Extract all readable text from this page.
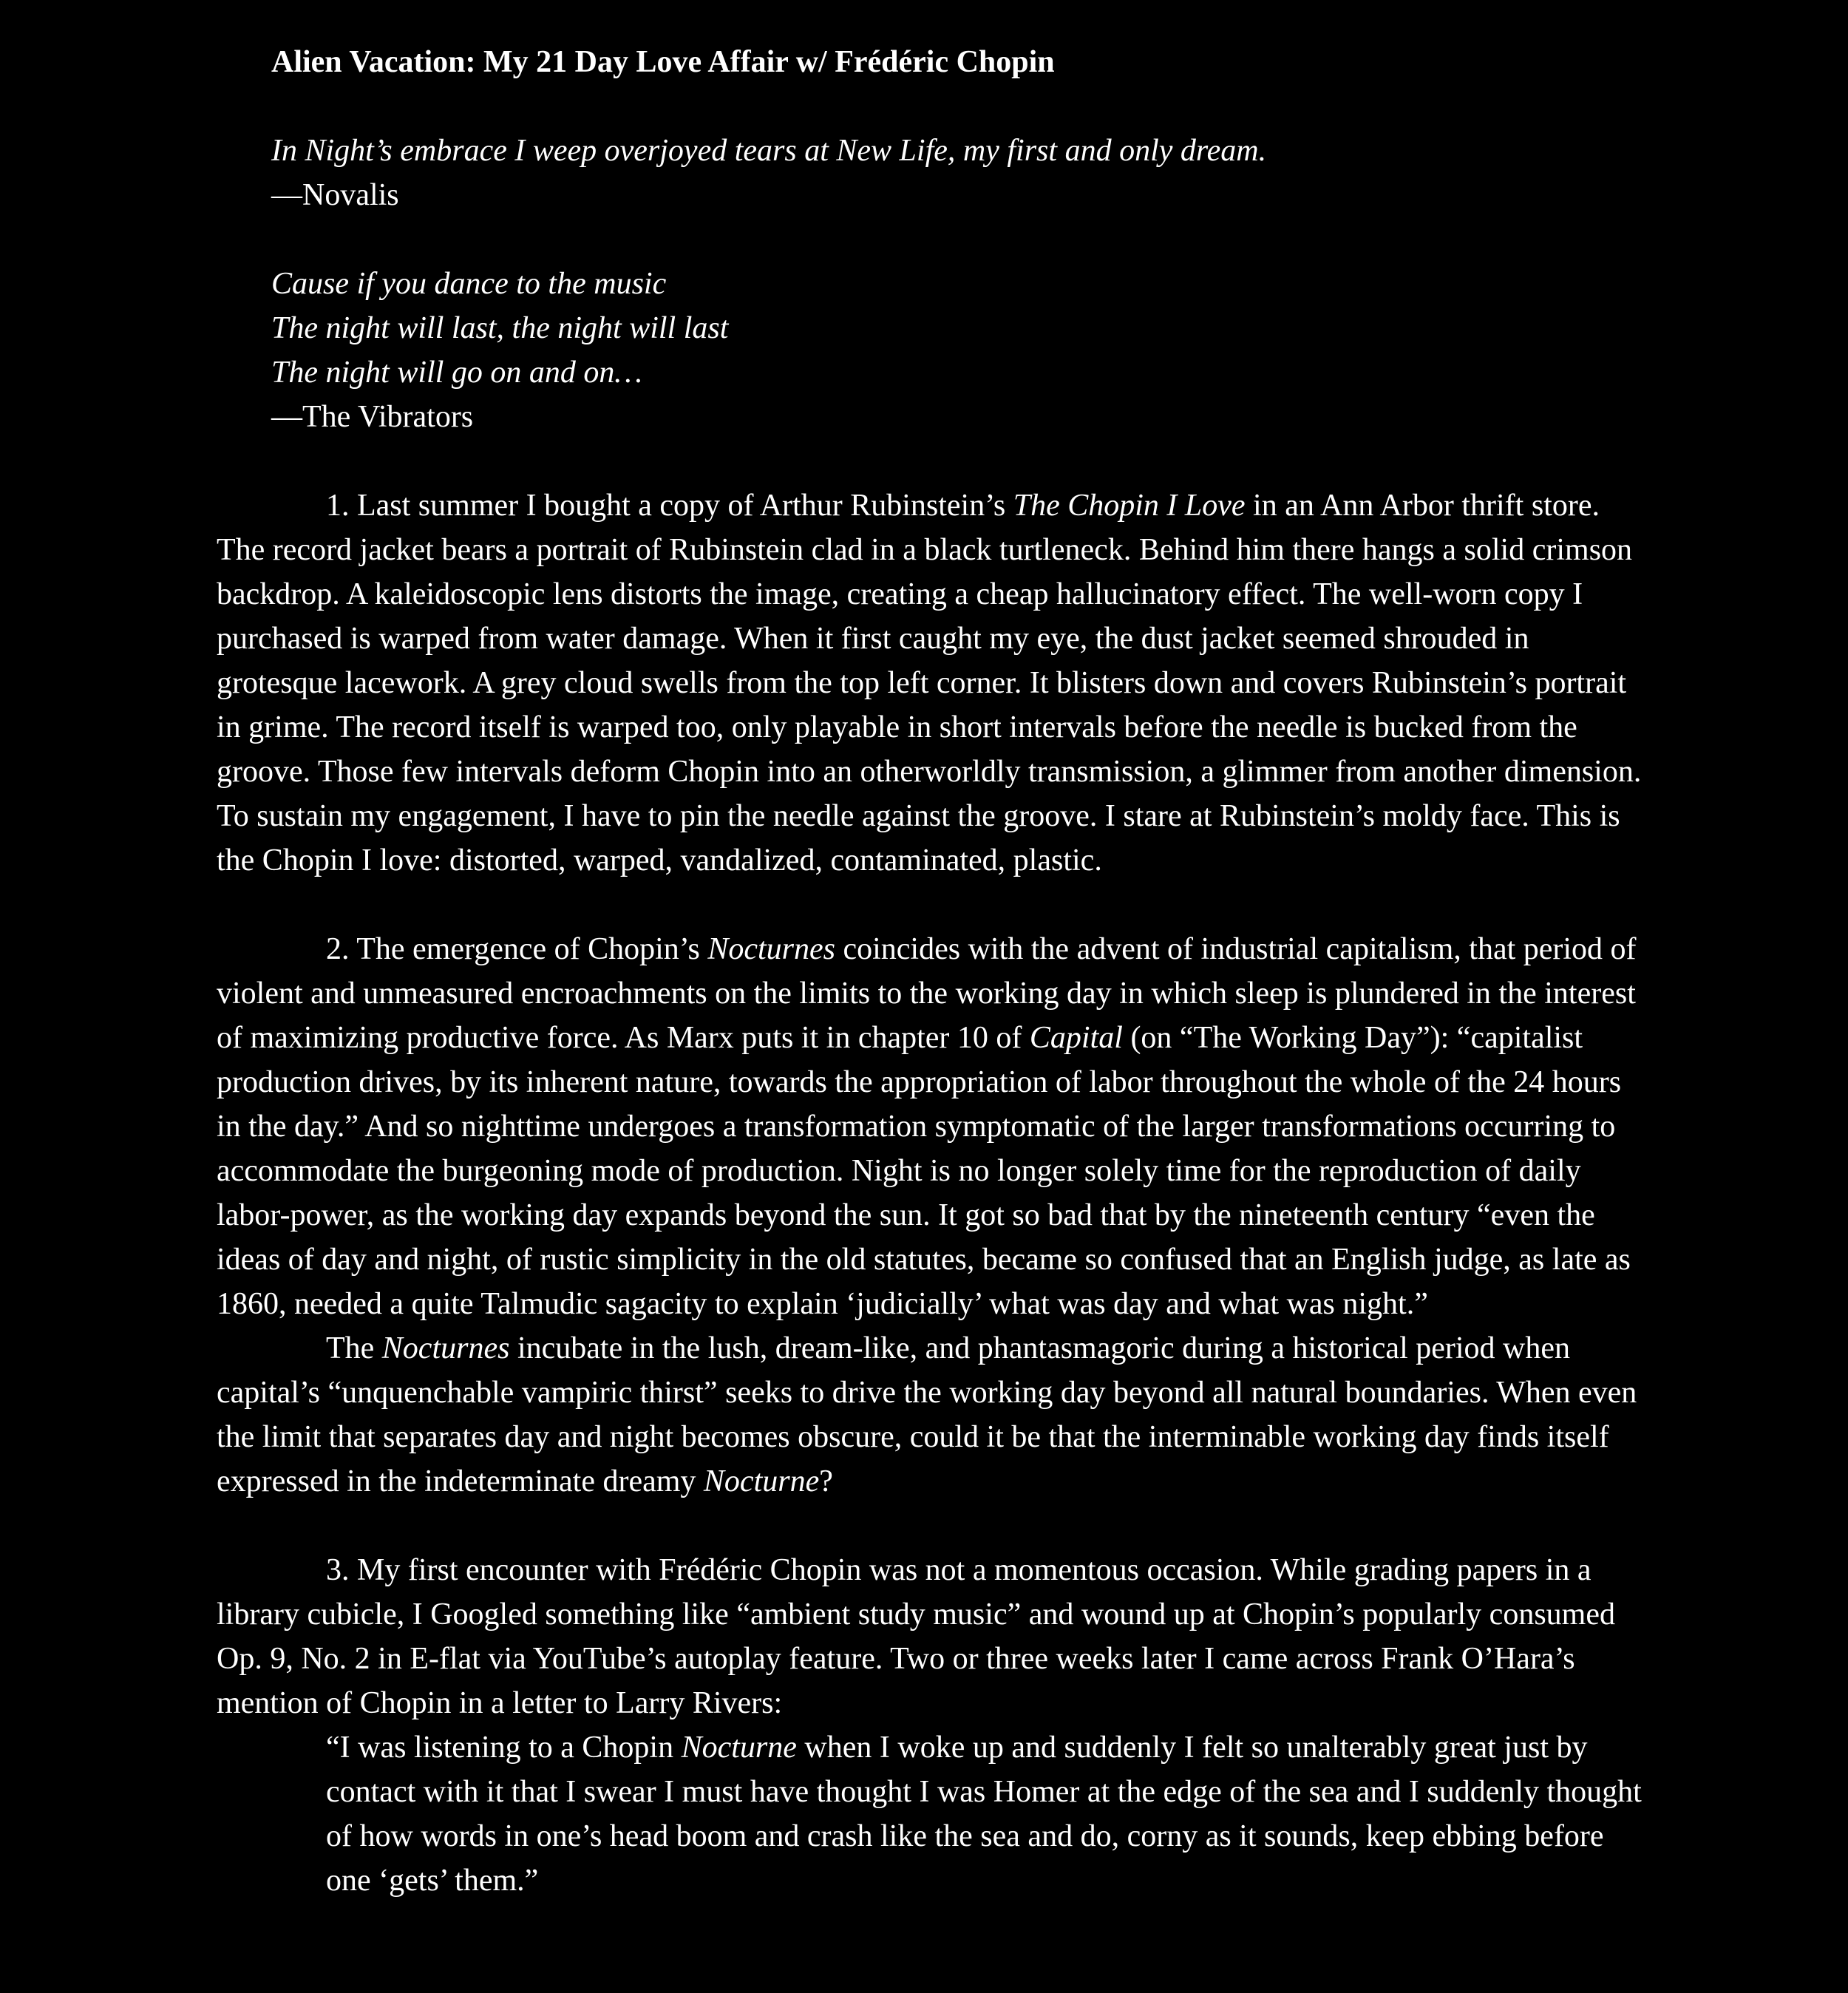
Alien Vacation: My 21 Day Love Affair w/ Frédéric Chopin
In Night’s embrace I weep overjoyed tears at New Life, my first and only dream.
—Novalis
Cause if you dance to the music
The night will last, the night will last
The night will go on and on…
—The Vibrators

1. Last summer I bought a copy of Arthur Rubinstein’s The Chopin I Love in an Ann Arbor thrift store. The record jacket bears a portrait of Rubinstein clad in a black turtleneck. Behind him there hangs a solid crimson backdrop. A kaleidoscopic lens distorts the image, creating a cheap hallucinatory effect. The well-worn copy I purchased is warped from water damage. When it first caught my eye, the dust jacket seemed shrouded in grotesque lacework. A grey cloud swells from the top left corner. It blisters down and covers Rubinstein’s portrait in grime. The record itself is warped too, only playable in short intervals before the needle is bucked from the groove. Those few intervals deform Chopin into an otherworldly transmission, a glimmer from another dimension. To sustain my engagement, I have to pin the needle against the groove. I stare at Rubinstein’s moldy face. This is the Chopin I love: distorted, warped, vandalized, contaminated, plastic.

2. The emergence of Chopin’s Nocturnes coincides with the advent of industrial capitalism, that period of violent and unmeasured encroachments on the limits to the working day in which sleep is plundered in the interest of maximizing productive force. As Marx puts it in chapter 10 of Capital (on “The Working Day”): “capitalist production drives, by its inherent nature, towards the appropriation of labor throughout the whole of the 24 hours in the day.” And so nighttime undergoes a transformation symptomatic of the larger transformations occurring to accommodate the burgeoning mode of production. Night is no longer solely time for the reproduction of daily labor-power, as the working day expands beyond the sun. It got so bad that by the nineteenth century “even the ideas of day and night, of rustic simplicity in the old statutes, became so confused that an English judge, as late as 1860, needed a quite Talmudic sagacity to explain ‘judicially’ what was day and what was night.”

The Nocturnes incubate in the lush, dream-like, and phantasmagoric during a historical period when capital’s “unquenchable vampiric thirst” seeks to drive the working day beyond all natural boundaries. When even the limit that separates day and night becomes obscure, could it be that the interminable working day finds itself expressed in the indeterminate dreamy Nocturne?

3. My first encounter with Frédéric Chopin was not a momentous occasion. While grading papers in a library cubicle, I Googled something like “ambient study music” and wound up at Chopin’s popularly consumed Op. 9, No. 2 in E-flat via YouTube’s autoplay feature. Two or three weeks later I came across Frank O’Hara’s mention of Chopin in a letter to Larry Rivers:

“I was listening to a Chopin Nocturne when I woke up and suddenly I felt so unalterably great just by contact with it that I swear I must have thought I was Homer at the edge of the sea and I suddenly thought of how words in one’s head boom and crash like the sea and do, corny as it sounds, keep ebbing before one ‘gets’ them.”
